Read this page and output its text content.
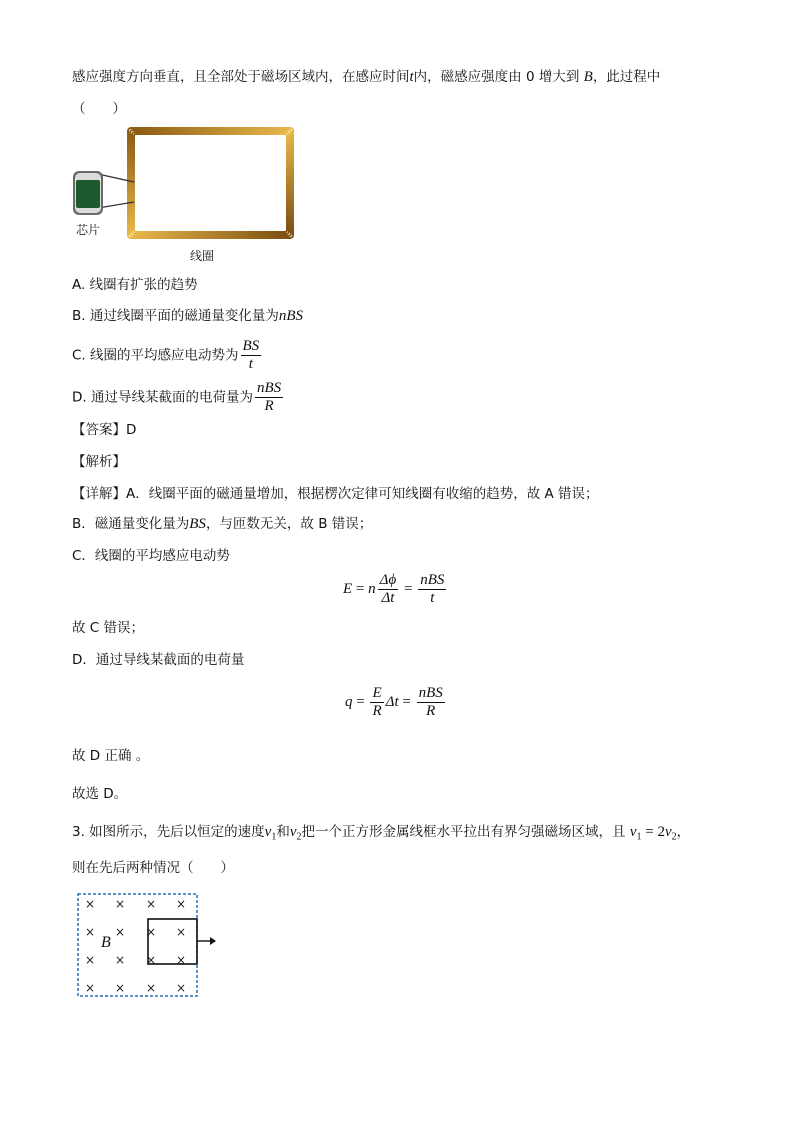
感应强度方向垂直，且全部处于磁场区域内，在感应时间t内，磁感应强度由 0 增大到 B，此过程中
（　　）
芯片
线圈
A. 线圈有扩张的趋势
B. 通过线圈平面的磁通量变化量为nBS
C. 线圈的平均感应电动势为 $\frac{BS}{t}$
D. 通过导线某截面的电荷量为 $\frac{\text{nBS}}{R}$
【答案】D
【解析】
【详解】A．线圈平面的磁通量增加，根据楞次定律可知线圈有收缩的趋势，故 A 错误；
B．磁通量变化量为BS，与匝数无关，故 B 错误；
C．线圈的平均感应电动势
E = n $\frac{\Delta\phi}{\Delta t} = \frac{\text{nBS}}{t}$
故 C 错误；
D．通过导线某截面的电荷量
$q = \frac{E}{R}$ $\Delta t = \frac{\text{nBS}}{R}$
故 D 正确 。
故选 D。
3. 如图所示，先后以恒定的速度$v_1$和$v_2$把一个正方形金属线框水平拉出有界匀强磁场区域，且 $v_1 = 2v_2$，
则在先后两种情况（　　）
× × × ×
× × × ×
× × × ×
× × × ×
B
